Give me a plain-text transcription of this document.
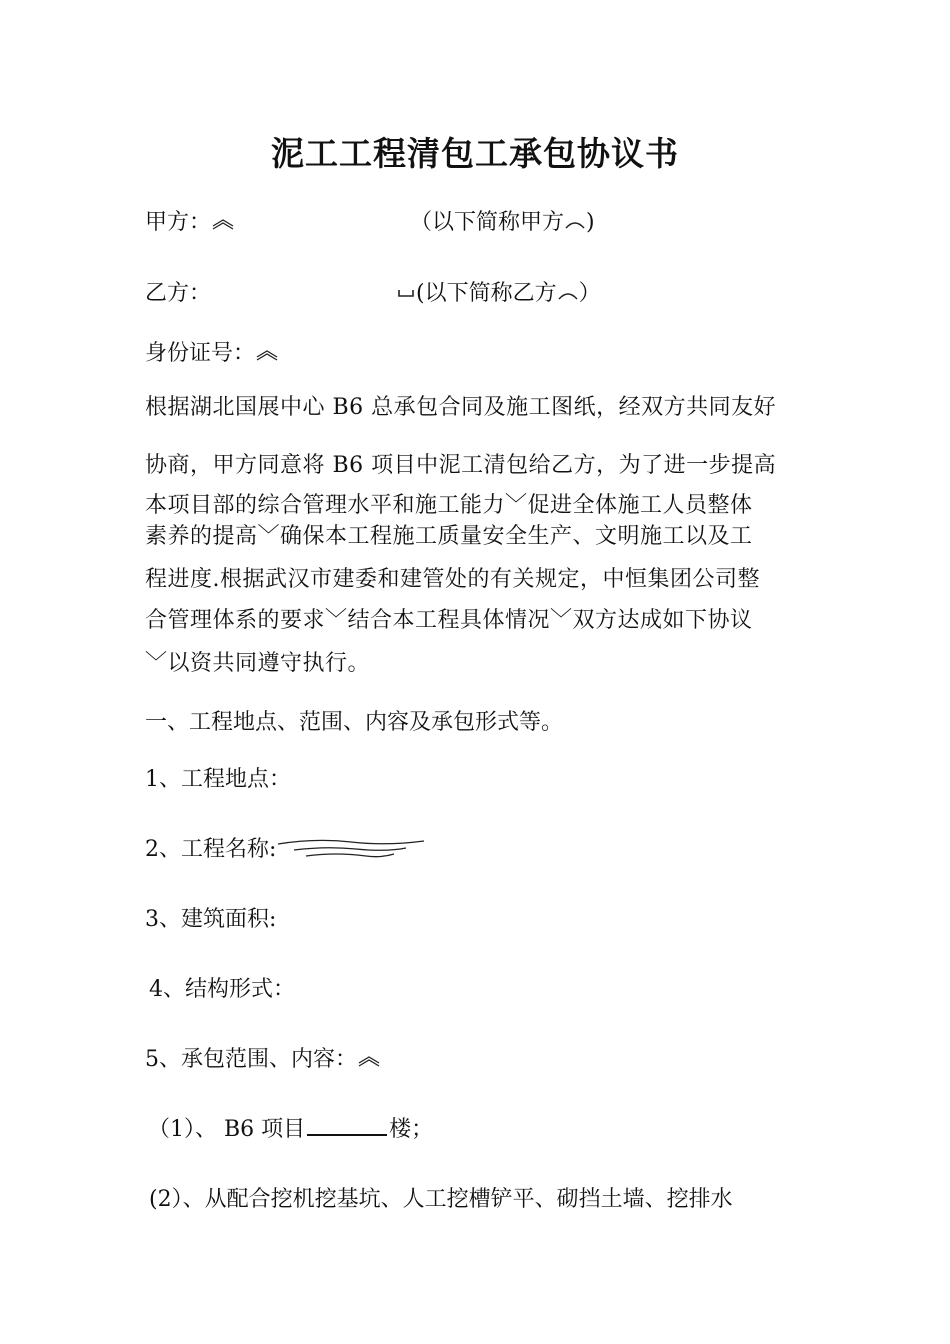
泥工工程清包工承包协议书
甲方：	（以下简称甲方 )
乙方：	(以下简称乙方 ）
身份证号：
根据湖北国展中心 B6 总承包合同及施工图纸，经双方共同友好
协商，甲方同意将 B6 项目中泥工清包给乙方，为了进一步提高
本项目部的综合管理水平和施工能力﹀促进全体施工人员整体
素养的提高﹀确保本工程施工质量安全生产、文明施工以及工
程进度.根据武汉市建委和建管处的有关规定，中恒集团公司整
合管理体系的要求﹀结合本工程具体情况﹀双方达成如下协议
﹀以资共同遵守执行。
一、工程地点、范围、内容及承包形式等。
1、工程地点：
2、工程名称:
3、建筑面积:
4、结构形式：
5、承包范围、内容：
（1）、 B6 项目	楼；
(2）、从配合挖机挖基坑、人工挖槽铲平、砌挡土墙、挖排水
